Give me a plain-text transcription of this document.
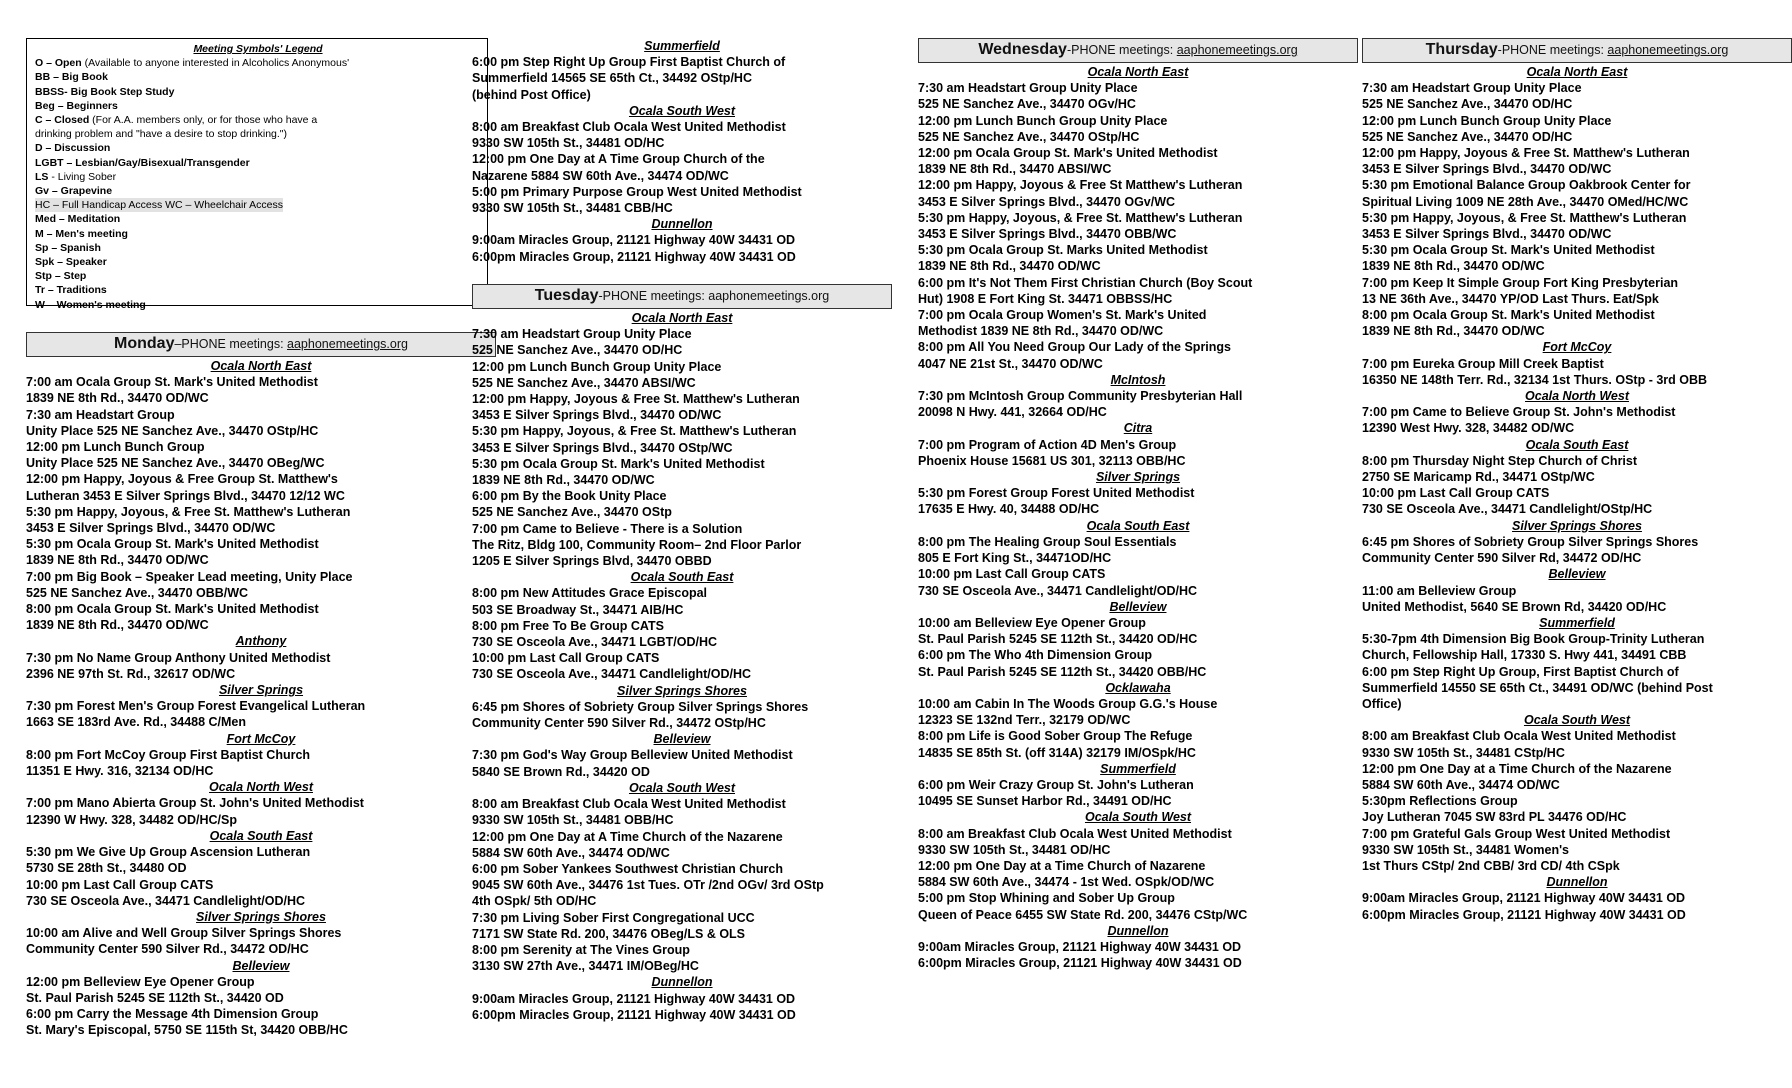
Meeting Symbols' Legend
O – Open (Available to anyone interested in Alcoholics Anonymous'
BB – Big Book
BBSS- Big Book Step Study
Beg – Beginners
C – Closed (For A.A. members only, or for those who have a
drinking problem and "have a desire to stop drinking.")
D – Discussion
LGBT – Lesbian/Gay/Bisexual/Transgender
LS - Living Sober
Gv – Grapevine
HC – Full Handicap Access WC – Wheelchair Access
Med – Meditation
M – Men's meeting
Sp – Spanish
Spk – Speaker
Stp – Step
Tr – Traditions
W – Women's meeting
Monday–PHONE meetings: aaphonemeetings.org
Ocala North East
7:00 am Ocala Group St. Mark's United Methodist
1839 NE 8th Rd., 34470 OD/WC
7:30 am Headstart Group
Unity Place 525 NE Sanchez Ave., 34470 OStp/HC
12:00 pm Lunch Bunch Group
Unity Place 525 NE Sanchez Ave., 34470 OBeg/WC
12:00 pm Happy, Joyous & Free Group St. Matthew's
Lutheran 3453 E Silver Springs Blvd., 34470 12/12 WC
5:30 pm Happy, Joyous, & Free St. Matthew's Lutheran
3453 E Silver Springs Blvd., 34470 OD/WC
5:30 pm Ocala Group St. Mark's United Methodist
1839 NE 8th Rd., 34470 OD/WC
7:00 pm Big Book – Speaker Lead meeting, Unity Place
525 NE Sanchez Ave., 34470 OBB/WC
8:00 pm Ocala Group St. Mark's United Methodist
1839 NE 8th Rd., 34470 OD/WC
Anthony
7:30 pm No Name Group Anthony United Methodist
2396 NE 97th St. Rd., 32617 OD/WC
Silver Springs
7:30 pm Forest Men's Group Forest Evangelical Lutheran
1663 SE 183rd Ave. Rd., 34488 C/Men
Fort McCoy
8:00 pm Fort McCoy Group First Baptist Church
11351 E Hwy. 316, 32134 OD/HC
Ocala North West
7:00 pm Mano Abierta Group St. John's United Methodist
12390 W Hwy. 328, 34482 OD/HC/Sp
Ocala South East
5:30 pm We Give Up Group Ascension Lutheran
5730 SE 28th St., 34480 OD
10:00 pm Last Call Group CATS
730 SE Osceola Ave., 34471 Candlelight/OD/HC
Silver Springs Shores
10:00 am Alive and Well Group Silver Springs Shores
Community Center 590 Silver Rd., 34472 OD/HC
Belleview
12:00 pm Belleview Eye Opener Group
St. Paul Parish 5245 SE 112th St., 34420 OD
6:00 pm Carry the Message 4th Dimension Group
St. Mary's Episcopal, 5750 SE 115th St, 34420 OBB/HC
Summerfield
6:00 pm Step Right Up Group First Baptist Church of
Summerfield 14565 SE 65th Ct., 34492 OStp/HC
(behind Post Office)
Ocala South West
8:00 am Breakfast Club Ocala West United Methodist
9330 SW 105th St., 34481 OD/HC
12:00 pm One Day at A Time Group Church of the
Nazarene 5884 SW 60th Ave., 34474 OD/WC
5:00 pm Primary Purpose Group West United Methodist
9330 SW 105th St., 34481 CBB/HC
Dunnellon
9:00am Miracles Group, 21121 Highway 40W 34431 OD
6:00pm Miracles Group, 21121 Highway 40W 34431 OD
Tuesday-PHONE meetings: aaphonemeetings.org
Ocala North East
7:30 am Headstart Group Unity Place
525 NE Sanchez Ave., 34470 OD/HC
12:00 pm Lunch Bunch Group Unity Place
525 NE Sanchez Ave., 34470 ABSI/WC
12:00 pm Happy, Joyous & Free St. Matthew's Lutheran
3453 E Silver Springs Blvd., 34470 OD/WC
5:30 pm Happy, Joyous, & Free St. Matthew's Lutheran
3453 E Silver Springs Blvd., 34470 OStp/WC
5:30 pm Ocala Group St. Mark's United Methodist
1839 NE 8th Rd., 34470 OD/WC
6:00 pm By the Book Unity Place
525 NE Sanchez Ave., 34470 OStp
7:00 pm Came to Believe - There is a Solution
The Ritz, Bldg 100, Community Room– 2nd Floor Parlor
1205 E Silver Springs Blvd, 34470 OBBD
Ocala South East
8:00 pm New Attitudes Grace Episcopal
503 SE Broadway St., 34471 AIB/HC
8:00 pm Free To Be Group CATS
730 SE Osceola Ave., 34471 LGBT/OD/HC
10:00 pm Last Call Group CATS
730 SE Osceola Ave., 34471 Candlelight/OD/HC
Silver Springs Shores
6:45 pm Shores of Sobriety Group Silver Springs Shores
Community Center 590 Silver Rd., 34472 OStp/HC
Belleview
7:30 pm God's Way Group Belleview United Methodist
5840 SE Brown Rd., 34420 OD
Ocala South West
8:00 am Breakfast Club Ocala West United Methodist
9330 SW 105th St., 34481 OBB/HC
12:00 pm One Day at A Time Church of the Nazarene
5884 SW 60th Ave., 34474 OD/WC
6:00 pm Sober Yankees Southwest Christian Church
9045 SW 60th Ave., 34476 1st Tues. OTr /2nd OGv/ 3rd OStp
4th OSpk/ 5th OD/HC
7:30 pm Living Sober First Congregational UCC
7171 SW State Rd. 200, 34476 OBeg/LS & OLS
8:00 pm Serenity at The Vines Group
3130 SW 27th Ave., 34471 IM/OBeg/HC
Dunnellon
9:00am Miracles Group, 21121 Highway 40W 34431 OD
6:00pm Miracles Group, 21121 Highway 40W 34431 OD
Wednesday-PHONE meetings: aaphonemeetings.org
Ocala North East
7:30 am Headstart Group Unity Place
525 NE Sanchez Ave., 34470 OGv/HC
12:00 pm Lunch Bunch Group Unity Place
525 NE Sanchez Ave., 34470 OStp/HC
12:00 pm Ocala Group St. Mark's United Methodist
1839 NE 8th Rd., 34470 ABSI/WC
12:00 pm Happy, Joyous & Free St Matthew's Lutheran
3453 E Silver Springs Blvd., 34470 OGv/WC
5:30 pm Happy, Joyous, & Free St. Matthew's Lutheran
3453 E Silver Springs Blvd., 34470 OBB/WC
5:30 pm Ocala Group St. Marks United Methodist
1839 NE 8th Rd., 34470 OD/WC
6:00 pm It's Not Them First Christian Church (Boy Scout
Hut) 1908 E Fort King St. 34471 OBBSS/HC
7:00 pm Ocala Group Women's St. Mark's United
Methodist 1839 NE 8th Rd., 34470 OD/WC
8:00 pm All You Need Group Our Lady of the Springs
4047 NE 21st St., 34470 OD/WC
McIntosh
7:30 pm McIntosh Group Community Presbyterian Hall
20098 N Hwy. 441, 32664 OD/HC
Citra
7:00 pm Program of Action 4D Men's Group
Phoenix House 15681 US 301, 32113 OBB/HC
Silver Springs
5:30 pm Forest Group Forest United Methodist
17635 E Hwy. 40, 34488 OD/HC
Ocala South East
8:00 pm The Healing Group Soul Essentials
805 E Fort King St., 34471OD/HC
10:00 pm Last Call Group CATS
730 SE Osceola Ave., 34471 Candlelight/OD/HC
Belleview
10:00 am Belleview Eye Opener Group
St. Paul Parish 5245 SE 112th St., 34420 OD/HC
6:00 pm The Who 4th Dimension Group
St. Paul Parish 5245 SE 112th St., 34420 OBB/HC
Ocklawaha
10:00 am Cabin In The Woods Group G.G.'s House
12323 SE 132nd Terr., 32179 OD/WC
8:00 pm Life is Good Sober Group The Refuge
14835 SE 85th St. (off 314A) 32179 IM/OSpk/HC
Summerfield
6:00 pm Weir Crazy Group St. John's Lutheran
10495 SE Sunset Harbor Rd., 34491 OD/HC
Ocala South West
8:00 am Breakfast Club Ocala West United Methodist
9330 SW 105th St., 34481 OD/HC
12:00 pm One Day at a Time Church of Nazarene
5884 SW 60th Ave., 34474 - 1st Wed. OSpk/OD/WC
5:00 pm Stop Whining and Sober Up Group
Queen of Peace 6455 SW State Rd. 200, 34476 CStp/WC
Dunnellon
9:00am Miracles Group, 21121 Highway 40W 34431 OD
6:00pm Miracles Group, 21121 Highway 40W 34431 OD
Thursday-PHONE meetings: aaphonemeetings.org
Ocala North East
7:30 am Headstart Group Unity Place
525 NE Sanchez Ave., 34470 OD/HC
12:00 pm Lunch Bunch Group Unity Place
525 NE Sanchez Ave., 34470 OD/HC
12:00 pm Happy, Joyous & Free St. Matthew's Lutheran
3453 E Silver Springs Blvd., 34470 OD/WC
5:30 pm Emotional Balance Group Oakbrook Center for
Spiritual Living 1009 NE 28th Ave., 34470 OMed/HC/WC
5:30 pm Happy, Joyous, & Free St. Matthew's Lutheran
3453 E Silver Springs Blvd., 34470 OD/WC
5:30 pm Ocala Group St. Mark's United Methodist
1839 NE 8th Rd., 34470 OD/WC
7:00 pm Keep It Simple Group Fort King Presbyterian
13 NE 36th Ave., 34470 YP/OD Last Thurs. Eat/Spk
8:00 pm Ocala Group St. Mark's United Methodist
1839 NE 8th Rd., 34470 OD/WC
Fort McCoy
7:00 pm Eureka Group Mill Creek Baptist
16350 NE 148th Terr. Rd., 32134 1st Thurs. OStp - 3rd OBB
Ocala North West
7:00 pm Came to Believe Group St. John's Methodist
12390 West Hwy. 328, 34482 OD/WC
Ocala South East
8:00 pm Thursday Night Step Church of Christ
2750 SE Maricamp Rd., 34471 OStp/WC
10:00 pm Last Call Group CATS
730 SE Osceola Ave., 34471 Candlelight/OStp/HC
Silver Springs Shores
6:45 pm Shores of Sobriety Group Silver Springs Shores
Community Center 590 Silver Rd, 34472 OD/HC
Belleview
11:00 am Belleview Group
United Methodist, 5640 SE Brown Rd, 34420 OD/HC
Summerfield
5:30-7pm 4th Dimension Big Book Group-Trinity Lutheran
Church, Fellowship Hall, 17330 S. Hwy 441, 34491 CBB
6:00 pm Step Right Up Group, First Baptist Church of
Summerfield 14550 SE 65th Ct., 34491 OD/WC (behind Post
Office)
Ocala South West
8:00 am Breakfast Club Ocala West United Methodist
9330 SW 105th St., 34481 CStp/HC
12:00 pm One Day at a Time Church of the Nazarene
5884 SW 60th Ave., 34474 OD/WC
5:30pm Reflections Group
Joy Lutheran 7045 SW 83rd PL 34476 OD/HC
7:00 pm Grateful Gals Group West United Methodist
9330 SW 105th St., 34481 Women's
1st Thurs CStp/ 2nd CBB/ 3rd CD/ 4th CSpk
Dunnellon
9:00am Miracles Group, 21121 Highway 40W 34431 OD
6:00pm Miracles Group, 21121 Highway 40W 34431 OD
